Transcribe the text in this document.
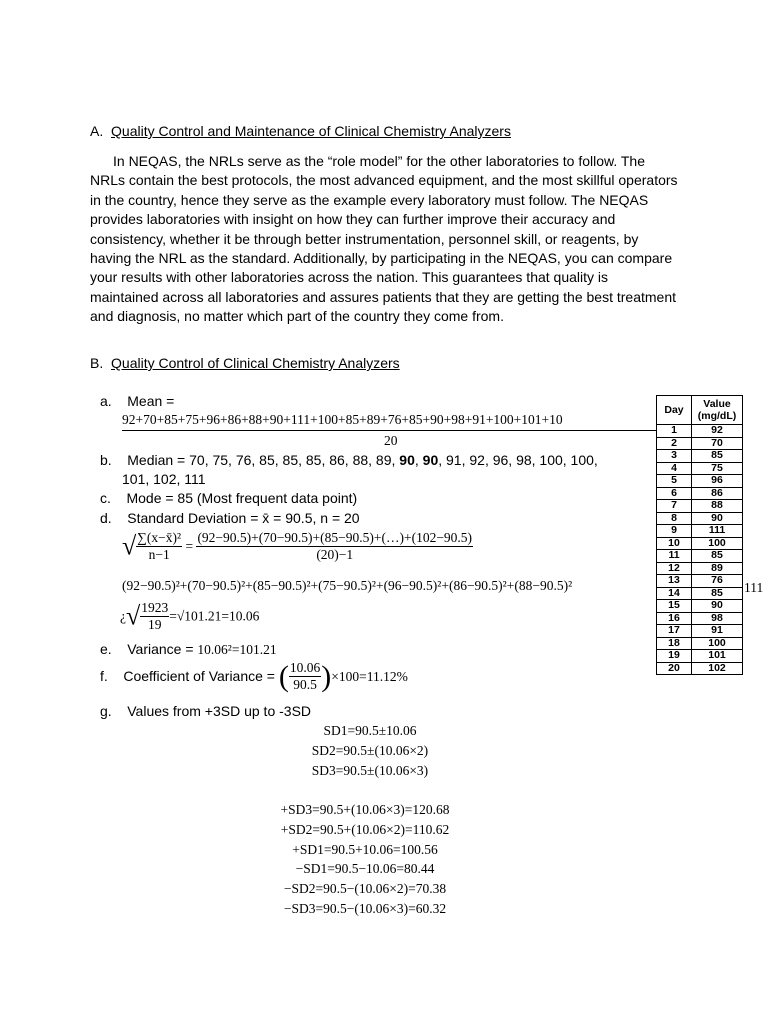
A. Quality Control and Maintenance of Clinical Chemistry Analyzers

In NEQAS, the NRLs serve as the “role model” for the other laboratories to follow. The NRLs contain the best protocols, the most advanced equipment, and the most skillful operators in the country, hence they serve as the example every laboratory must follow. The NEQAS provides laboratories with insight on how they can further improve their accuracy and consistency, whether it be through better instrumentation, personnel skill, or reagents, by having the NRL as the standard. Additionally, by participating in the NEQAS, you can compare your results with other laboratories across the nation. This guarantees that quality is maintained across all laboratories and assures patients that they are getting the best treatment and diagnosis, no matter which part of the country they come from.

B. Quality Control of Clinical Chemistry Analyzers
a. Mean =
92+70+85+75+96+86+88+90+111+100+85+89+76+85+90+98+91+100+101+10
20
b. Median = 70, 75, 76, 85, 85, 85, 86, 88, 89, 90, 90, 91, 92, 96, 98, 100, 100,
101, 102, 111
c. Mode = 85 (Most frequent data point)
d. Standard Deviation = x̄ = 90.5, n = 20
√ $\frac{\text{∑(x−x̄)²}}{n-1} = \frac{(92-90.5)+(70-90.5)+(85-90.5)+(\dots)+(102-90.5)}{(20)-1}$
(92−90.5)²+(70−90.5)²+(85−90.5)²+(75−90.5)²+(96−90.5)²+(86−90.5)²+(88−90.5)²	111
¿√ $\frac{1923}{19} =√101.21=10.06$
e. Variance = 10.06²=101.21
f. Coefficient of Variance = ( $\frac{10.06}{90.5} )\times 100=11.12\%$
g. Values from +3SD up to -3SD
SD1=90.5±10.06
SD2=90.5±(10.06×2)
SD3=90.5±(10.06×3)
+SD3=90.5+(10.06×3)=120.68
+SD2=90.5+(10.06×2)=110.62
+SD1=90.5+10.06=100.56
−SD1=90.5−10.06=80.44
−SD2=90.5−(10.06×2)=70.38
−SD3=90.5−(10.06×3)=60.32
Day	Value (mg/dL)
1	92
2	70
3	85
4	75
5	96
6	86
7	88
8	90
9	111
10	100
11	85
12	89
13	76
14	85
15	90
16	98
17	91
18	100
19	101
20	102
